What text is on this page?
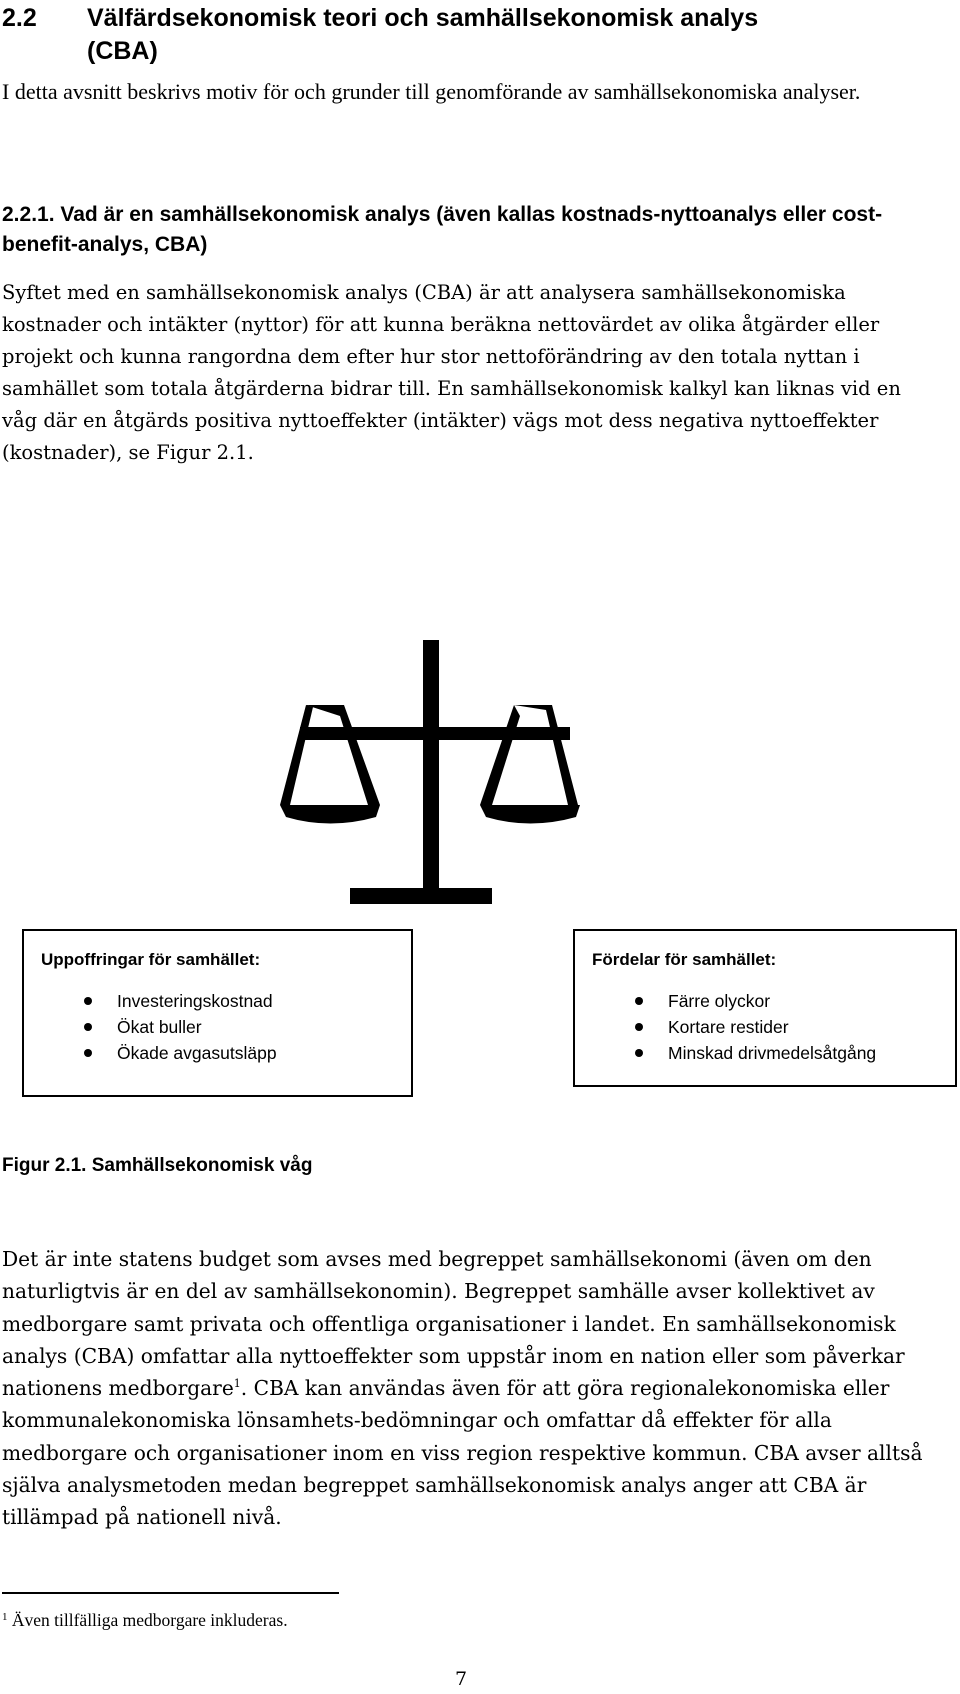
2.2 Välfärdsekonomisk teori och samhällsekonomisk analys
(CBA)
I detta avsnitt beskrivs motiv för och grunder till genomförande av samhällsekonomiska analyser.
2.2.1. Vad är en samhällsekonomisk analys (även kallas kostnads-nyttoanalys eller cost-benefit-analys, CBA)
Syftet med en samhällsekonomisk analys (CBA) är att analysera samhällsekonomiska kostnader och intäkter (nyttor) för att kunna beräkna nettovärdet av olika åtgärder eller projekt och kunna rangordna dem efter hur stor nettoförändring av den totala nyttan i samhället som totala åtgärderna bidrar till. En samhällsekonomisk kalkyl kan liknas vid en våg där en åtgärds positiva nyttoeffekter (intäkter) vägs mot dess negativa nyttoeffekter (kostnader), se Figur 2.1.
Uppoffringar för samhället:
Investeringskostnad
Ökat buller
Ökade avgasutsläpp
Fördelar för samhället:
Färre olyckor
Kortare restider
Minskad drivmedelsåtgång
Figur 2.1. Samhällsekonomisk våg
Det är inte statens budget som avses med begreppet samhällsekonomi (även om den naturligtvis är en del av samhällsekonomin). Begreppet samhälle avser kollektivet av medborgare samt privata och offentliga organisationer i landet. En samhällsekonomisk analys (CBA) omfattar alla nyttoeffekter som uppstår inom en nation eller som påverkar nationens medborgare$^1$. CBA kan användas även för att göra regionalekonomiska eller kommunalekonomiska lönsamhets-bedömningar och omfattar då effekter för alla medborgare och organisationer inom en viss region respektive kommun. CBA avser alltså själva analysmetoden medan begreppet samhällsekonomisk analys anger att CBA är tillämpad på nationell nivå.
$^1$ Även tillfälliga medborgare inkluderas.
7
